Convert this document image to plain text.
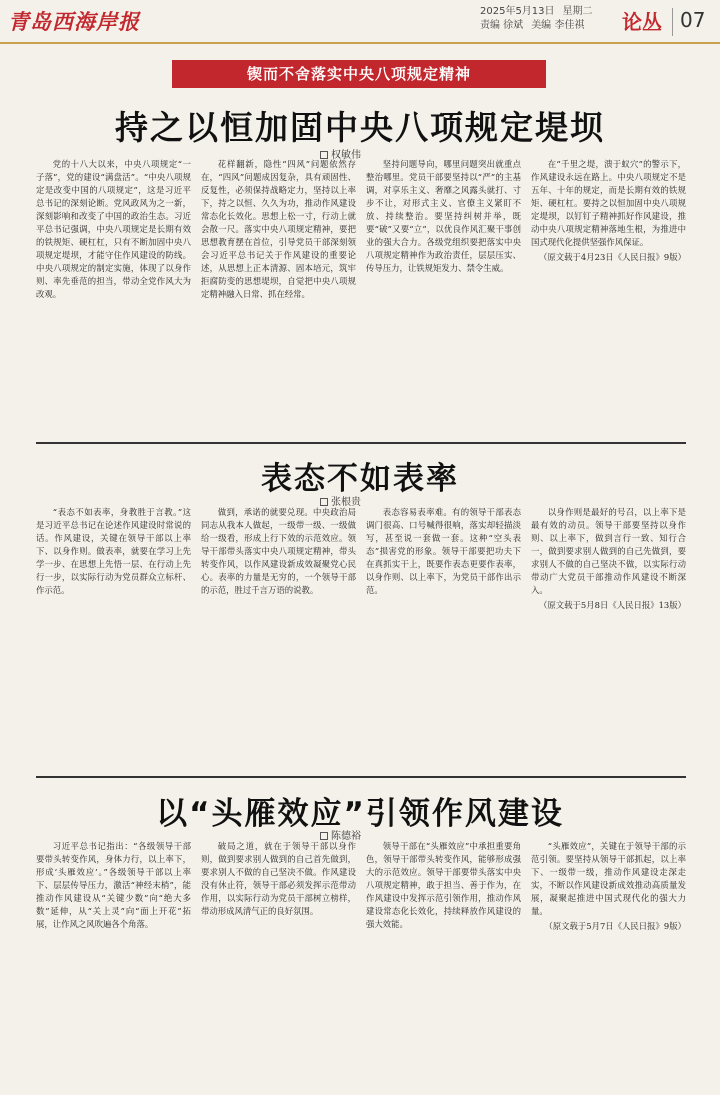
青岛西海岸报	2025年5月13日 星期二
责编 徐斌 美编 李佳祺 论丛 07
锲而不舍落实中央八项规定精神
持之以恒加固中央八项规定堤坝
权敏伟

党的十八大以来，中央八项规定“一子落”，党的建设“满盘活”。“中央八项规定是改变中国的八项规定”，这是习近平总书记的深刻论断。党风政风为之一新，深刻影响和改变了中国的政治生态。习近平总书记强调，中央八项规定是长期有效的铁规矩、硬杠杠，只有不断加固中央八项规定堤坝，才能守住作风建设的防线。中央八项规定的制定实施，体现了以身作则、率先垂范的担当，带动全党作风大为改观。

花样翻新，隐性“四风”问题依然存在，“四风”问题成因复杂，具有顽固性、反复性，必须保持战略定力，坚持以上率下，持之以恒、久久为功，推动作风建设常态化长效化。思想上松一寸，行动上就会散一尺。落实中央八项规定精神，要把思想教育摆在首位，引导党员干部深刻领会习近平总书记关于作风建设的重要论述，从思想上正本清源、固本培元，筑牢拒腐防变的思想堤坝，自觉把中央八项规定精神融入日常、抓在经常。

坚持问题导向，哪里问题突出就重点整治哪里。党员干部要坚持以“严”的主基调，对享乐主义、奢靡之风露头就打、寸步不让，对形式主义、官僚主义紧盯不放、持续整治。要坚持纠树并举，既要“破”又要“立”，以优良作风汇聚干事创业的强大合力。各级党组织要把落实中央八项规定精神作为政治责任，层层压实、传导压力，让铁规矩发力、禁令生威。

在“千里之堤，溃于蚁穴”的警示下，作风建设永远在路上。中央八项规定不是五年、十年的规定，而是长期有效的铁规矩、硬杠杠。要持之以恒加固中央八项规定堤坝，以钉钉子精神抓好作风建设，推动中央八项规定精神落地生根，为推进中国式现代化提供坚强作风保证。

（原文载于4月23日《人民日报》9版）

表态不如表率
张根贵

“表态不如表率，身教胜于言教。”这是习近平总书记在论述作风建设时常说的话。作风建设，关键在领导干部以上率下、以身作则。做表率，就要在学习上先学一步、在思想上先悟一层、在行动上先行一步，以实际行动为党员群众立标杆、作示范。

做到，承诺的就要兑现。中央政治局同志从我本人做起，一级带一级、一级做给一级看，形成上行下效的示范效应。领导干部带头落实中央八项规定精神，带头转变作风，以作风建设新成效凝聚党心民心。表率的力量是无穷的，一个领导干部的示范，胜过千言万语的说教。

表态容易表率难。有的领导干部表态调门很高、口号喊得很响，落实却轻描淡写，甚至说一套做一套。这种“空头表态”损害党的形象。领导干部要把功夫下在真抓实干上，既要作表态更要作表率，以身作则、以上率下，为党员干部作出示范。

以身作则是最好的号召，以上率下是最有效的动员。领导干部要坚持以身作则、以上率下，做到言行一致、知行合一，做到要求别人做到的自己先做到，要求别人不做的自己坚决不做，以实际行动带动广大党员干部推动作风建设不断深入。

（原文载于5月8日《人民日报》13版）

以“头雁效应”引领作风建设
陈德裕

习近平总书记指出：“各级领导干部要带头转变作风，身体力行，以上率下，形成‘头雁效应’。”各级领导干部以上率下、层层传导压力，激活“神经末梢”，能推动作风建设从“关键少数”向“绝大多数”延伸，从“关上灵”向“面上开花”拓展，让作风之风吹遍各个角落。

破局之道，就在于领导干部以身作则，做到要求别人做到的自己首先做到，要求别人不做的自己坚决不做。作风建设没有休止符，领导干部必须发挥示范带动作用，以实际行动为党员干部树立榜样，带动形成风清气正的良好氛围。

领导干部在“头雁效应”中承担重要角色，领导干部带头转变作风，能够形成强大的示范效应。领导干部要带头落实中央八项规定精神，敢于担当、善于作为，在作风建设中发挥示范引领作用，推动作风建设常态化长效化，持续释放作风建设的强大效能。

“头雁效应”，关键在于领导干部的示范引领。要坚持从领导干部抓起，以上率下、一级带一级，推动作风建设走深走实，不断以作风建设新成效推动高质量发展，凝聚起推进中国式现代化的强大力量。

（原文载于5月7日《人民日报》9版）
